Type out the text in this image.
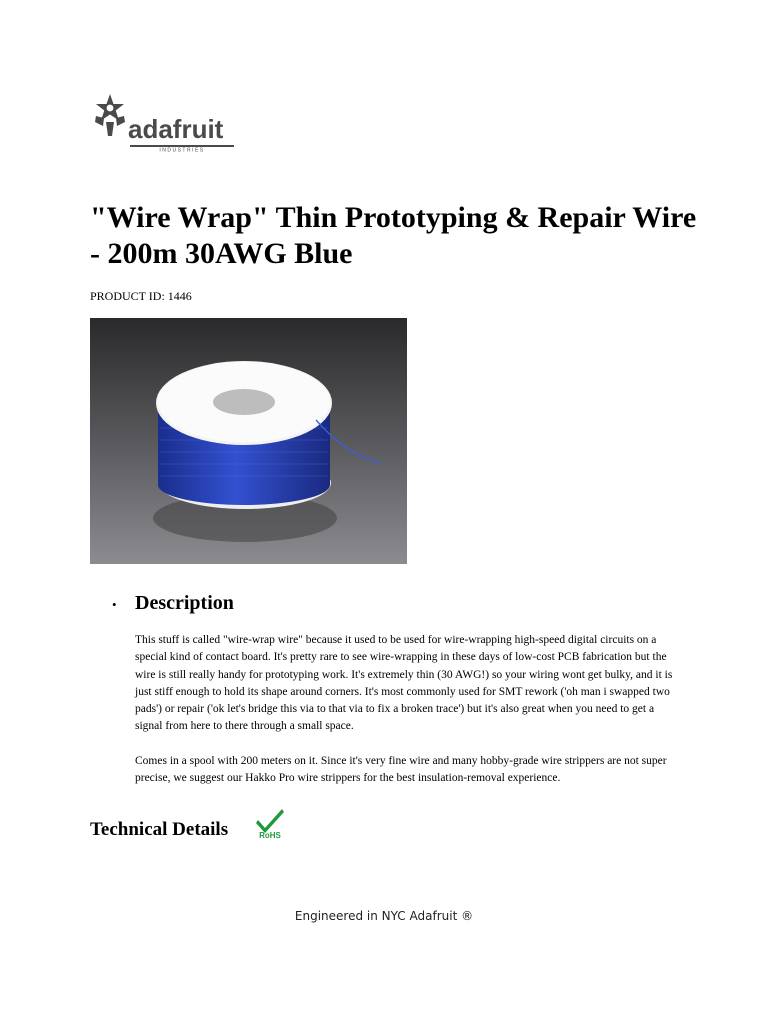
adafruit
INDUSTRIES
"Wire Wrap" Thin Prototyping & Repair Wire - 200m 30AWG Blue
PRODUCT ID: 1446
• Description

This stuff is called "wire-wrap wire" because it used to be used for wire-wrapping high-speed digital circuits on a special kind of contact board. It's pretty rare to see wire-wrapping in these days of low-cost PCB fabrication but the wire is still really handy for prototyping work. It's extremely thin (30 AWG!) so your wiring wont get bulky, and it is just stiff enough to hold its shape around corners. It's most commonly used for SMT rework ('oh man i swapped two pads') or repair ('ok let's bridge this via to that via to fix a broken trace') but it's also great when you need to get a signal from here to there through a small space.

Comes in a spool with 200 meters on it. Since it's very fine wire and many hobby-grade wire strippers are not super precise, we suggest our Hakko Pro wire strippers for the best insulation-removal experience.

Technical Details	RoHS
Engineered in NYC Adafruit ®
